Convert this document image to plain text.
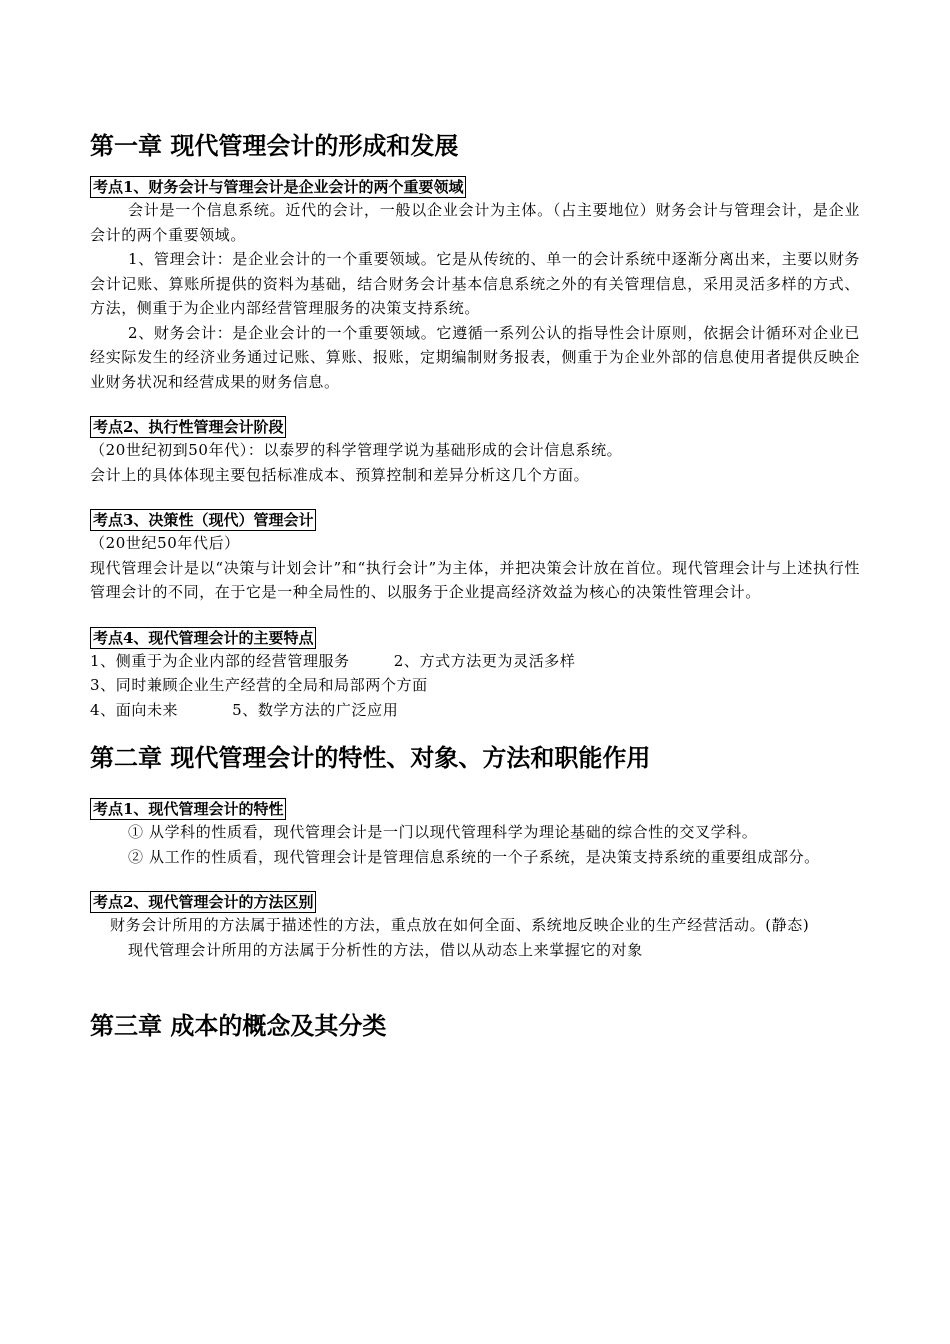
第一章 现代管理会计的形成和发展
考点1、财务会计与管理会计是企业会计的两个重要领域

会计是一个信息系统。近代的会计，一般以企业会计为主体。（占主要地位）财务会计与管理会计，是企业会计的两个重要领域。

1、管理会计：是企业会计的一个重要领域。它是从传统的、单一的会计系统中逐渐分离出来，主要以财务会计记账、算账所提供的资料为基础，结合财务会计基本信息系统之外的有关管理信息，采用灵活多样的方式、方法，侧重于为企业内部经营管理服务的决策支持系统。

2、财务会计：是企业会计的一个重要领域。它遵循一系列公认的指导性会计原则，依据会计循环对企业已经实际发生的经济业务通过记账、算账、报账，定期编制财务报表，侧重于为企业外部的信息使用者提供反映企业财务状况和经营成果的财务信息。

考点2、执行性管理会计阶段

（20世纪初到50年代）：以泰罗的科学管理学说为基础形成的会计信息系统。

会计上的具体体现主要包括标准成本、预算控制和差异分析这几个方面。

考点3、决策性（现代）管理会计

（20世纪50年代后）

现代管理会计是以“决策与计划会计”和“执行会计”为主体，并把决策会计放在首位。现代管理会计与上述执行性管理会计的不同，在于它是一种全局性的、以服务于企业提高经济效益为核心的决策性管理会计。

考点4、现代管理会计的主要特点

1、侧重于为企业内部的经营管理服务	2、方式方法更为灵活多样

3、同时兼顾企业生产经营的全局和局部两个方面

4、面向未来	5、数学方法的广泛应用

第二章 现代管理会计的特性、对象、方法和职能作用
考点1、现代管理会计的特性

① 从学科的性质看，现代管理会计是一门以现代管理科学为理论基础的综合性的交叉学科。

② 从工作的性质看，现代管理会计是管理信息系统的一个子系统，是决策支持系统的重要组成部分。

考点2、现代管理会计的方法区别

财务会计所用的方法属于描述性的方法，重点放在如何全面、系统地反映企业的生产经营活动。(静态)

现代管理会计所用的方法属于分析性的方法，借以从动态上来掌握它的对象

第三章 成本的概念及其分类
